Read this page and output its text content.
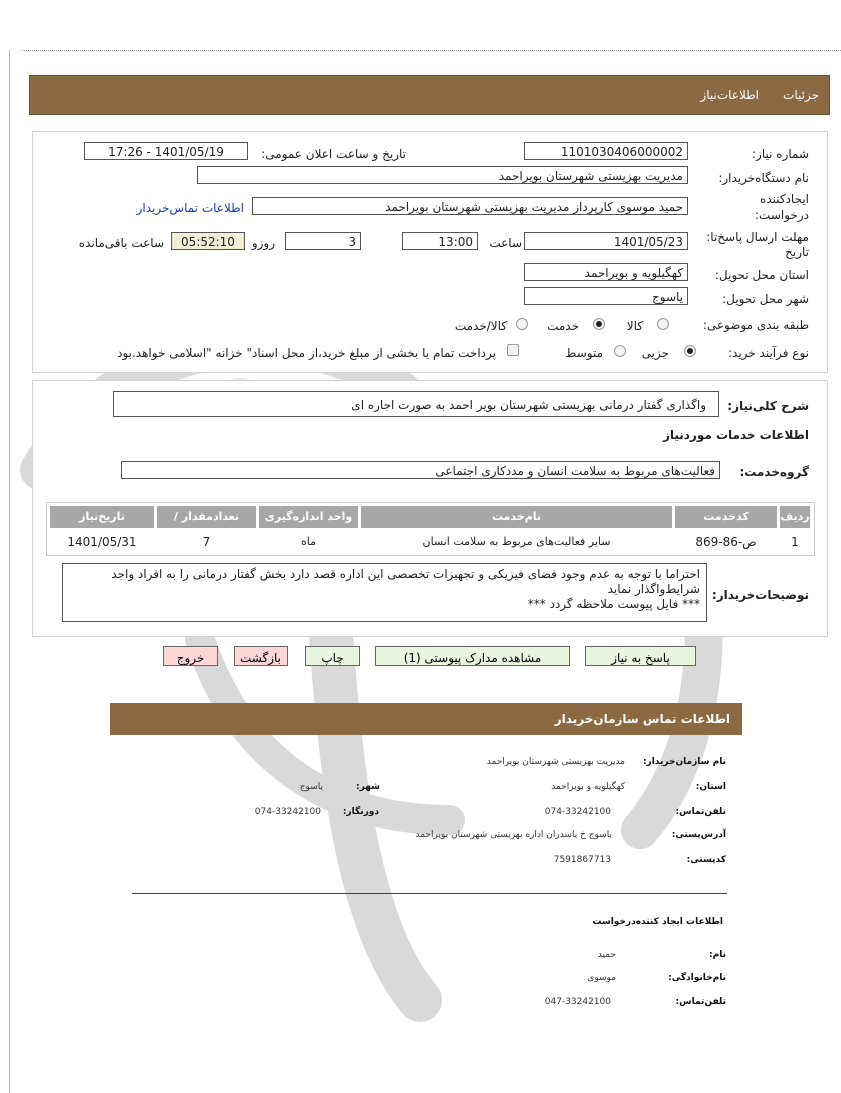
جزئیات
اطلاعات‌نیاز
شماره نیاز:
1101030406000002
تاریخ و ساعت اعلان عمومی:
1401/05/19 - 17:26
نام دستگاه‌خریدار:
مدیریت بهزیستی شهرستان بویراحمد
ایجادکننده
درخواست:
حمید موسوی کارپرداز مدیریت بهزیستی شهرستان بویراحمد
اطلاعات تماس‌خریدار
مهلت ارسال پاسخ‌تا:
تاریخ
1401/05/23
ساعت
13:00
3
روزو
05:52:10
ساعت باقی‌مانده
استان محل تحویل:
کهگیلویه و بویراحمد
شهر محل تحویل:
یاسوج
طبقه بندی موضوعی:
کالا
خدمت
کالا/خدمت
نوع فرآیند خرید:
جزیی
متوسط
پرداخت تمام یا بخشی از مبلغ خرید،از محل اسناد" خزانه "اسلامی خواهد.بود
شرح کلی‌نیاز:
واگذاری گفتار درمانی بهزیستی شهرستان بویر احمد به صورت اجاره ای
اطلاعات خدمات موردنیاز
گروه‌خدمت:
فعالیت‌های مربوط به سلامت انسان و مددکاری اجتماعی
ردیف
کدخدمت
نام‌خدمت
واحد اندازه‌گیری
تعدادمقدار /
تاریخ‌نیاز
1
ص-86-869
سایر فعالیت‌های مربوط به سلامت انسان
ماه
7
1401/05/31
توضیحات‌خریدار:
احتراما با توجه به عدم وجود فضای فیزیکی و تجهیزات تخصصی این اداره قصد دارد بخش گفتار درمانی را به افراد واجد
شرایط‌واگذار نماید
*** فایل پیوست ملاحظه گردد ***
پاسخ به نیاز
مشاهده مدارک پیوستی (1)
چاپ
بازگشت
خروج
اطلاعات تماس سازمان‌خریدار
نام سازمان‌خریدار:
مدیریت بهزیستی شهرستان بویراحمد
استان:
کهگیلویه و بویراحمد
شهر:
یاسوج
تلفن‌تماس:
074-33242100
دورنگار:
074-33242100
آدرس‌پستی:
یاسوج خ یاسدران اداره بهزیستی شهرستان بویراحمد
کدپستی:
7591867713
اطلاعات ایجاد کننده‌درخواست
نام:
حمید
نام‌خانوادگی:
موسوی
تلفن‌تماس:
047-33242100
